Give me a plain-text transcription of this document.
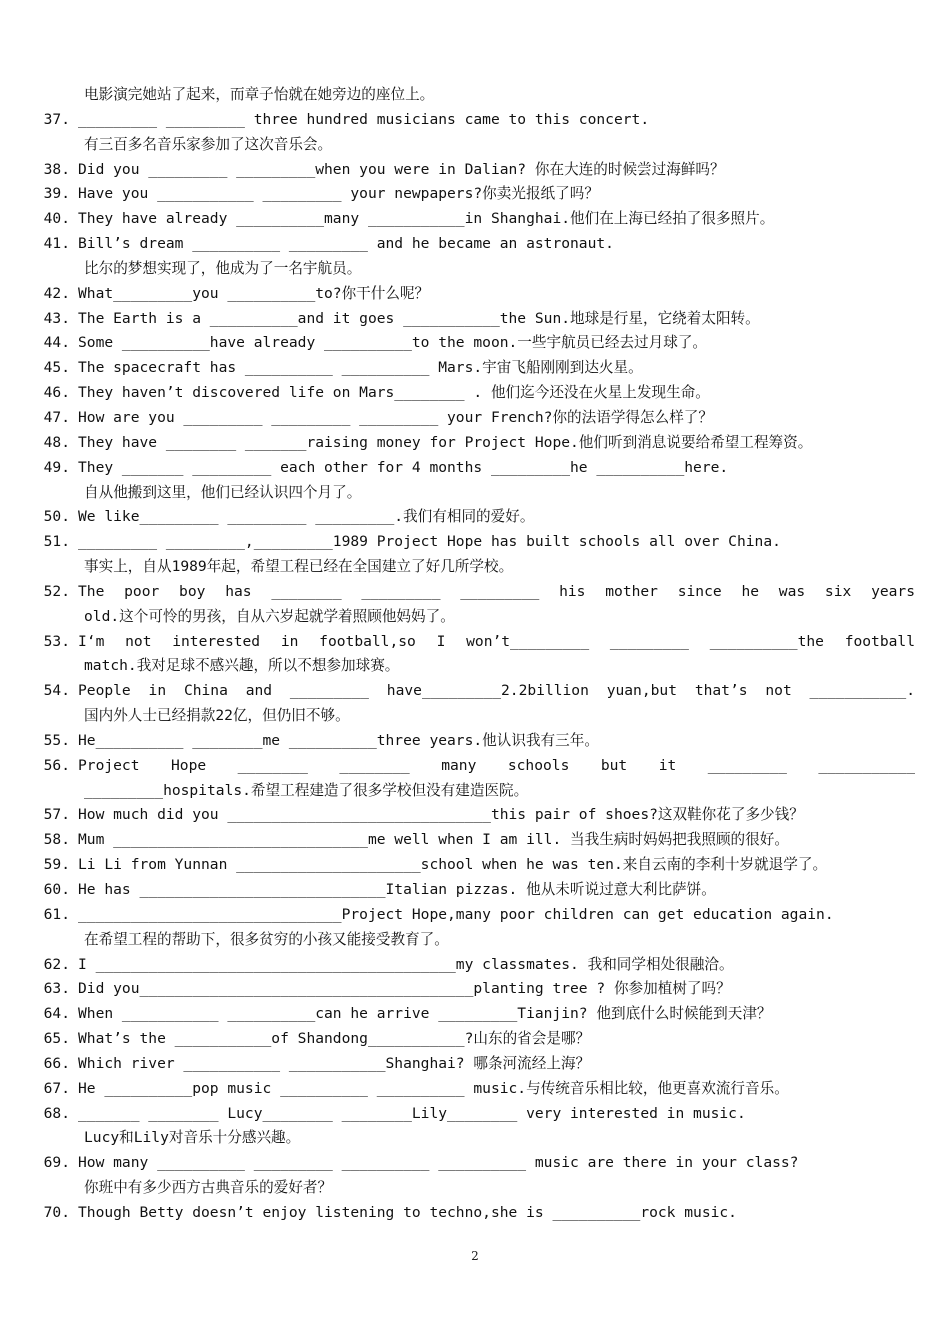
电影演完她站了起来，而章子怡就在她旁边的座位上。
37. _________ _________ three hundred musicians came to this concert.
有三百多名音乐家参加了这次音乐会。
38. Did you _________ _________when you were in Dalian? 你在大连的时候尝过海鲜吗？
39. Have you ___________ _________ your newpapers?你卖光报纸了吗？
40. They have already __________many ___________in Shanghai.他们在上海已经拍了很多照片。
41. Bill’s dream __________ _________ and he became an astronaut.
比尔的梦想实现了，他成为了一名宇航员。
42. What_________you __________to?你干什么呢？
43. The Earth is a __________and it goes ___________the Sun.地球是行星，它绕着太阳转。
44. Some __________have already __________to the moon.一些宇航员已经去过月球了。
45. The spacecraft has __________ __________ Mars.宇宙飞船刚刚到达火星。
46. They haven’t discovered life on Mars________ . 他们迄今还没在火星上发现生命。
47. How are you _________ _________ _________ your French?你的法语学得怎么样了？
48. They have ________ _______raising money for Project Hope.他们听到消息说要给希望工程筹资。
49. They _______ _________ each other for 4 months _________he __________here.
自从他搬到这里，他们已经认识四个月了。
50. We like_________ _________ _________.我们有相同的爱好。
51. _________ _________,_________1989 Project Hope has built schools all over China.
事实上，自从1989年起，希望工程已经在全国建立了好几所学校。
52. The poor boy has ________ _________ _________ his mother since he was six years
old.这个可怜的男孩，自从六岁起就学着照顾他妈妈了。
53. I‘m not interested in football,so I won’t_________ _________ __________the football
match.我对足球不感兴趣，所以不想参加球赛。
54. People in China and _________ have_________2.2billion yuan,but that’s not ___________.
国内外人士已经捐款22亿，但仍旧不够。
55. He__________ ________me __________three years.他认识我有三年。
56. Project Hope ________ ________ many schools but it _________ ___________
_________hospitals.希望工程建造了很多学校但没有建造医院。
57. How much did you ______________________________this pair of shoes?这双鞋你花了多少钱？
58. Mum _____________________________me well when I am ill. 当我生病时妈妈把我照顾的很好。
59. Li Li from Yunnan _____________________school when he was ten.来自云南的李利十岁就退学了。
60. He has ____________________________Italian pizzas. 他从未听说过意大利比萨饼。
61. ______________________________Project Hope,many poor children can get education again.
在希望工程的帮助下，很多贫穷的小孩又能接受教育了。
62. I _________________________________________my classmates. 我和同学相处很融洽。
63. Did you______________________________________planting tree ? 你参加植树了吗？
64. When ___________ __________can he arrive _________Tianjin? 他到底什么时候能到天津？
65. What’s the ___________of Shandong___________?山东的省会是哪？
66. Which river ___________ ___________Shanghai? 哪条河流经上海？
67. He __________pop music __________ __________ music.与传统音乐相比较，他更喜欢流行音乐。
68. _______ ________ Lucy________ ________Lily________ very interested in music.
Lucy和Lily对音乐十分感兴趣。
69. How many __________ _________ __________ __________ music are there in your class?
你班中有多少西方古典音乐的爱好者？
70. Though Betty doesn’t enjoy listening to techno,she is __________rock music.
2
